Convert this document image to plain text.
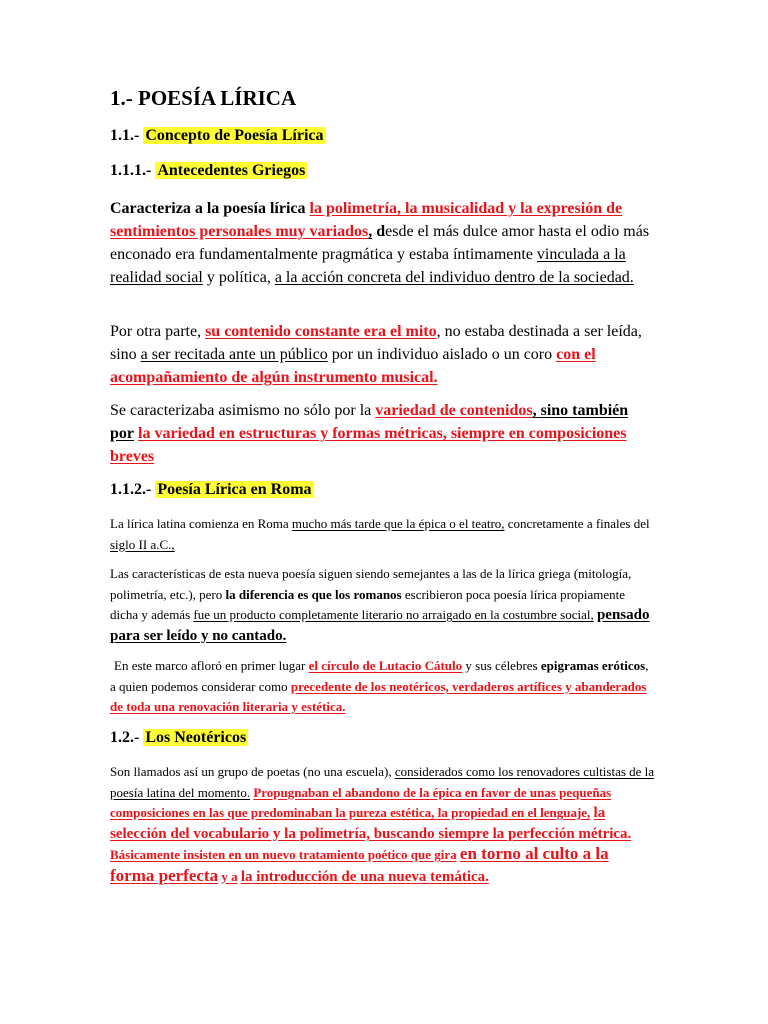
1.- POESÍA LÍRICA
1.1.- Concepto de Poesía Lírica
1.1.1.- Antecedentes Griegos
Caracteriza a la poesía lírica la polimetría, la musicalidad y la expresión de sentimientos personales muy variados, desde el más dulce amor hasta el odio más enconado era fundamentalmente pragmática y estaba íntimamente vinculada a la realidad social y política, a la acción concreta del individuo dentro de la sociedad.
Por otra parte, su contenido constante era el mito, no estaba destinada a ser leída, sino a ser recitada ante un público por un individuo aislado o un coro con el acompañamiento de algún instrumento musical.
Se caracterizaba asimismo no sólo por la variedad de contenidos, sino también por la variedad en estructuras y formas métricas, siempre en composiciones breves
1.1.2.- Poesía Lírica en Roma
La lírica latina comienza en Roma mucho más tarde que la épica o el teatro, concretamente a finales del siglo II a.C.,
Las características de esta nueva poesía siguen siendo semejantes a las de la lírica griega (mitología, polimetría, etc.), pero la diferencia es que los romanos escribieron poca poesía lírica propiamente dicha y además fue un producto completamente literario no arraigado en la costumbre social, pensado para ser leído y no cantado.
En este marco afloró en primer lugar el círculo de Lutacio Cátulo y sus célebres epigramas eróticos, a quien podemos considerar como precedente de los neotéricos, verdaderos artífices y abanderados de toda una renovación literaria y estética.
1.2.- Los Neotéricos
Son llamados así un grupo de poetas (no una escuela), considerados como los renovadores cultistas de la poesía latina del momento. Propugnaban el abandono de la épica en favor de unas pequeñas composiciones en las que predominaban la pureza estética, la propiedad en el lenguaje, la selección del vocabulario y la polimetría, buscando siempre la perfección métrica. Básicamente insisten en un nuevo tratamiento poético que gira en torno al culto a la forma perfecta y a la introducción de una nueva temática.
